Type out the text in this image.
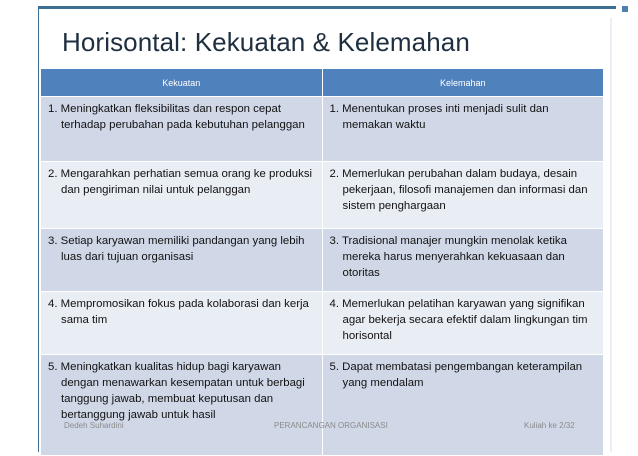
Horisontal: Kekuatan & Kelemahan
Kekuatan	Kelemahan

1. Meningkatkan fleksibilitas dan respon cepat terhadap perubahan pada kebutuhan pelanggan	1. Menentukan proses inti menjadi sulit dan memakan waktu

2. Mengarahkan perhatian semua orang ke produksi dan pengiriman nilai untuk pelanggan	2. Memerlukan perubahan dalam budaya, desain pekerjaan, filosofi manajemen dan informasi dan sistem penghargaan

3. Setiap karyawan memiliki pandangan yang lebih luas dari tujuan organisasi	3. Tradisional manajer mungkin menolak ketika mereka harus menyerahkan kekuasaan dan otoritas

4. Mempromosikan fokus pada kolaborasi dan kerja sama tim	4. Memerlukan pelatihan karyawan yang signifikan agar bekerja secara efektif dalam lingkungan tim horisontal

5. Meningkatkan kualitas hidup bagi karyawan dengan menawarkan kesempatan untuk berbagi tanggung jawab, membuat keputusan dan bertanggung jawab untuk hasil	5. Dapat membatasi pengembangan keterampilan yang mendalam
Dedeh Suhardini	PERANCANGAN ORGANISASI	Kuliah ke 2/32
